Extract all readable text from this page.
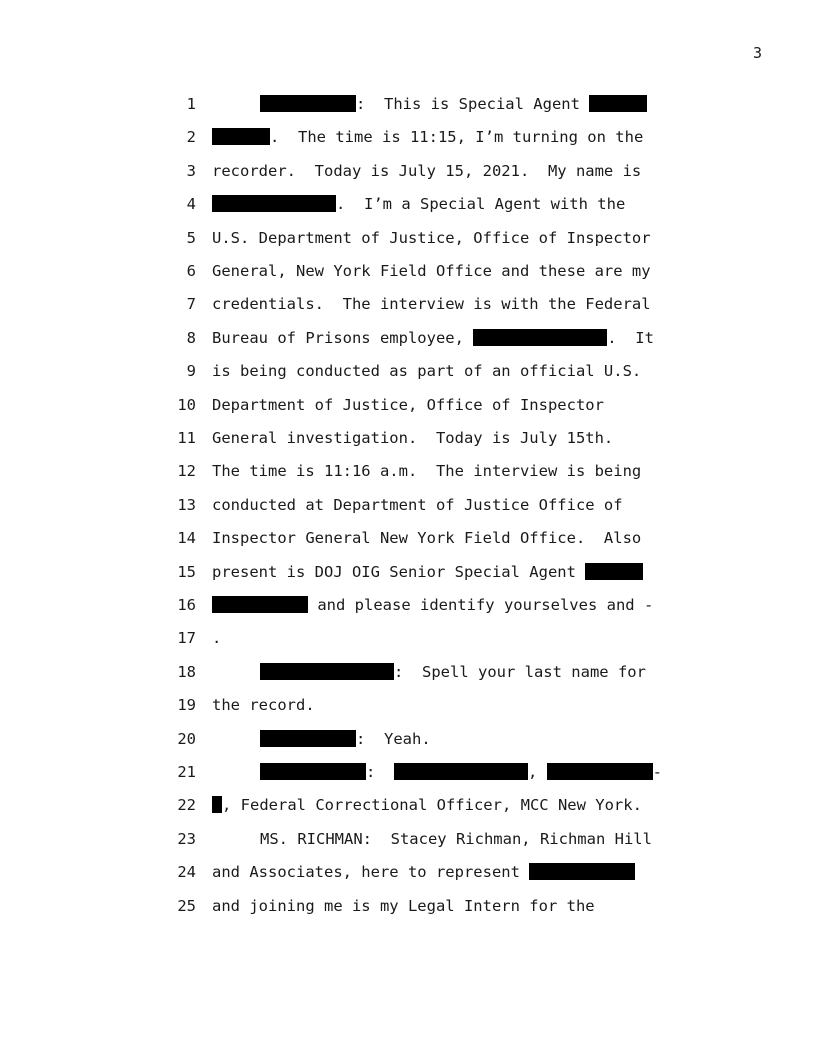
3
1	:  This is Special Agent
2	.  The time is 11:15, I’m turning on the
3 recorder.  Today is July 15, 2021.  My name is
4	.  I’m a Special Agent with the
5 U.S. Department of Justice, Office of Inspector
6 General, New York Field Office and these are my
7 credentials.  The interview is with the Federal
8 Bureau of Prisons employee,	.  It
9 is being conducted as part of an official U.S.
10 Department of Justice, Office of Inspector
11 General investigation.  Today is July 15th.
12 The time is 11:16 a.m.  The interview is being
13 conducted at Department of Justice Office of
14 Inspector General New York Field Office.  Also
15 present is DOJ OIG Senior Special Agent
16	and please identify yourselves and -
17 .
18	:  Spell your last name for
19 the record.
20	:  Yeah.
21	:	,	-
22	, Federal Correctional Officer, MCC New York.
23	MS. RICHMAN:  Stacey Richman, Richman Hill
24 and Associates, here to represent
25 and joining me is my Legal Intern for the
